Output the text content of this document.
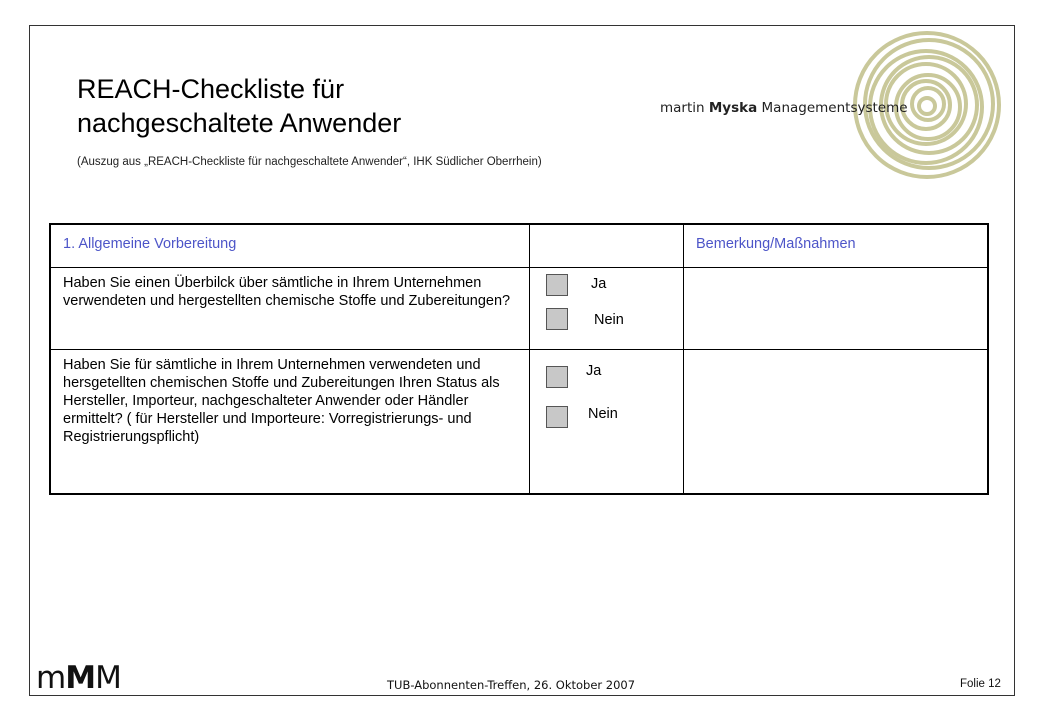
REACH-Checkliste für
nachgeschaltete Anwender
(Auszug aus „REACH-Checkliste für nachgeschaltete Anwender“, IHK Südlicher Oberrhein)
martin Myska Managementsysteme
1. Allgemeine Vorbereitung		Bemerkung/Maßnahmen
Haben Sie einen Überbilck über sämtliche in Ihrem Unternehmen verwendeten und hergestellten chemische Stoffe und Zubereitungen?	Ja
Nein	

Haben Sie für sämtliche in Ihrem Unternehmen verwendeten und hersgetellten chemischen Stoffe und Zubereitungen Ihren Status als Hersteller, Importeur, nachgeschalteter Anwender oder Händler ermittelt? ( für Hersteller und Importeure: Vorregistrierungs- und Registrierungspflicht)	Ja
Nein	

mMM	TUB-Abonnenten-Treffen, 26. Oktober 2007	Folie 12
